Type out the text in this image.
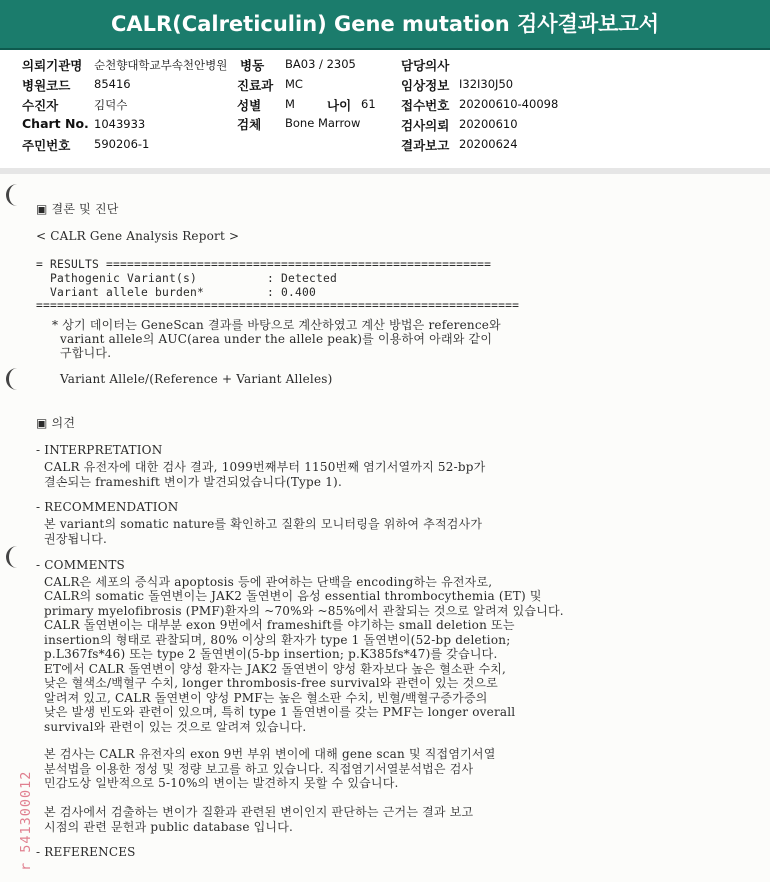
CALR(Calreticulin) Gene mutation 검사결과보고서
의뢰기관명 순천향대학교부속천안병원 병동 BA03 / 2305	담당의사
병원코드 85416	진료과 MC	임상정보 I32I30J50
수진자	김덕수	성별 M	나이 61 접수번호 20200610-40098
Chart No. 1043933	검체 Bone Marrow	검사의뢰 20200610
주민번호 590206-1	결과보고 20200624
▣ 결론 및 진단
< CALR Gene Analysis Report >
= RESULTS =======================================================
Pathogenic Variant(s)          : Detected
Variant allele burden*         : 0.400
=====================================================================
* 상기 데이터는 GeneScan 결과를 바탕으로 계산하였고 계산 방법은 reference와
variant allele의 AUC(area under the allele peak)를 이용하여 아래와 같이
구합니다.
Variant Allele/(Reference + Variant Alleles)
▣ 의견
- INTERPRETATION
CALR 유전자에 대한 검사 결과, 1099번째부터 1150번째 염기서열까지 52-bp가
결손되는 frameshift 변이가 발견되었습니다(Type 1).
- RECOMMENDATION
본 variant의 somatic nature를 확인하고 질환의 모니터링을 위하여 추적검사가
권장됩니다.
- COMMENTS
CALR은 세포의 증식과 apoptosis 등에 관여하는 단백을 encoding하는 유전자로,
CALR의 somatic 돌연변이는 JAK2 돌연변이 음성 essential thrombocythemia (ET) 및
primary myelofibrosis (PMF)환자의 ~70%와 ~85%에서 관찰되는 것으로 알려져 있습니다.
CALR 돌연변이는 대부분 exon 9번에서 frameshift를 야기하는 small deletion 또는
insertion의 형태로 관찰되며, 80% 이상의 환자가 type 1 돌연변이(52-bp deletion;
p.L367fs*46) 또는 type 2 돌연변이(5-bp insertion; p.K385fs*47)를 갖습니다.
ET에서 CALR 돌연변이 양성 환자는 JAK2 돌연변이 양성 환자보다 높은 혈소판 수치,
낮은 혈색소/백혈구 수치, longer thrombosis-free survival와 관련이 있는 것으로
알려져 있고, CALR 돌연변이 양성 PMF는 높은 혈소판 수치, 빈혈/백혈구증가증의
낮은 발생 빈도와 관련이 있으며, 특히 type 1 돌연변이를 갖는 PMF는 longer overall
survival와 관련이 있는 것으로 알려져 있습니다.
본 검사는 CALR 유전자의 exon 9번 부위 변이에 대해 gene scan 및 직접염기서열
분석법을 이용한 정성 및 정량 보고를 하고 있습니다. 직접염기서열분석법은 검사
민감도상 일반적으로 5-10%의 변이는 발견하지 못할 수 있습니다.
본 검사에서 검출하는 변이가 질환과 관련된 변이인지 판단하는 근거는 결과 보고
시점의 관련 문헌과 public database 입니다.
- REFERENCES
r 541300012
